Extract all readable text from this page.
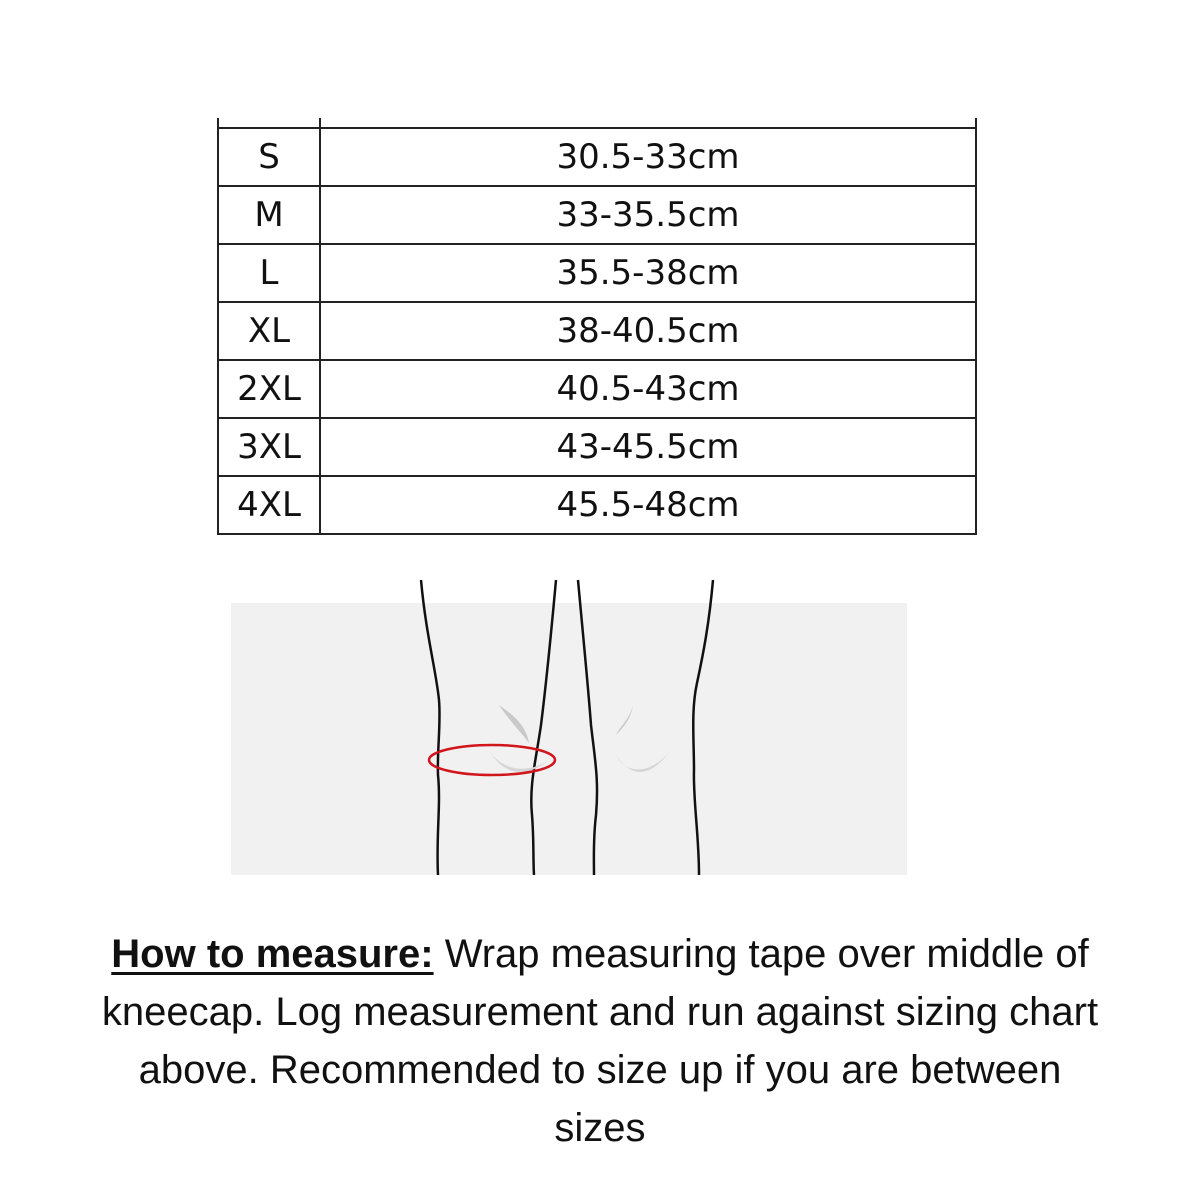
S	30.5-33cm
M	33-35.5cm
L	35.5-38cm
XL	38-40.5cm
2XL	40.5-43cm
3XL	43-45.5cm
4XL	45.5-48cm
How to measure: Wrap measuring tape over middle of kneecap. Log measurement and run against sizing chart above. Recommended to size up if you are between sizes
